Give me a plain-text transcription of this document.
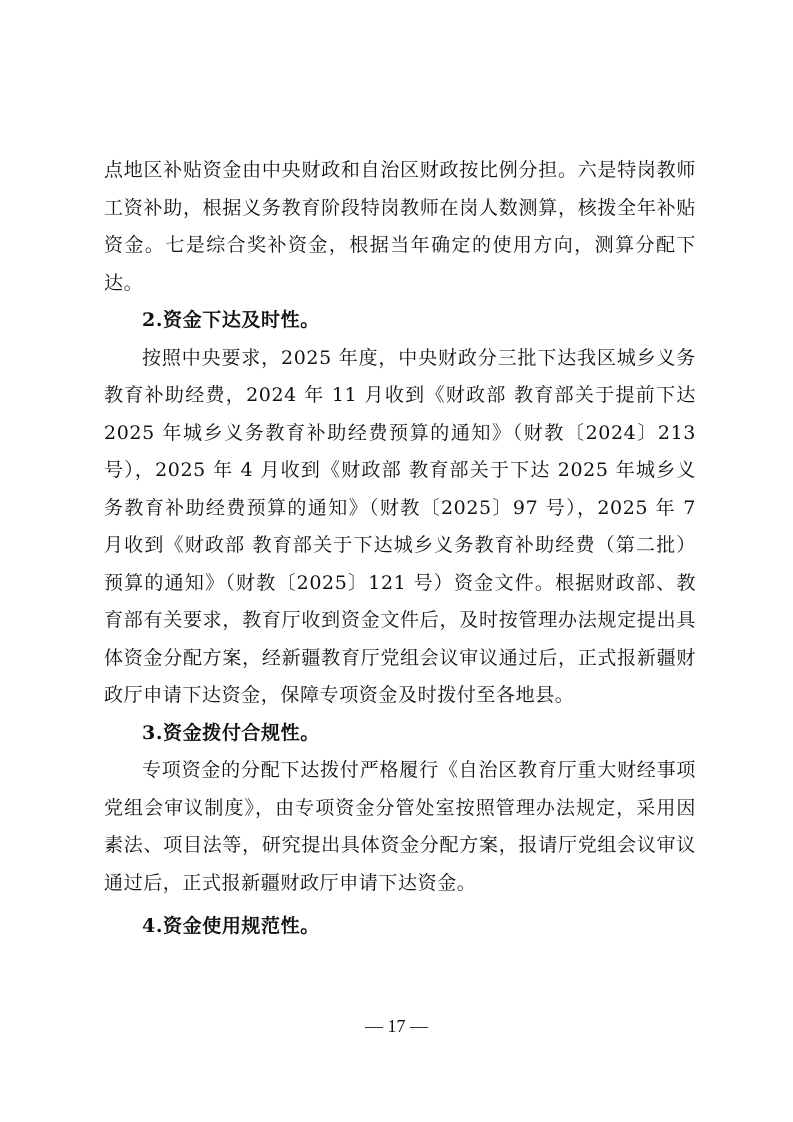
点地区补贴资金由中央财政和自治区财政按比例分担。六是特岗教师工资补助，根据义务教育阶段特岗教师在岗人数测算，核拨全年补贴资金。七是综合奖补资金，根据当年确定的使用方向，测算分配下达。

2.资金下达及时性。

按照中央要求，2025 年度，中央财政分三批下达我区城乡义务教育补助经费，2024 年 11 月收到《财政部 教育部关于提前下达 2025 年城乡义务教育补助经费预算的通知》（财教〔2024〕213 号），2025 年 4 月收到《财政部 教育部关于下达 2025 年城乡义务教育补助经费预算的通知》（财教〔2025〕97 号），2025 年 7 月收到《财政部 教育部关于下达城乡义务教育补助经费（第二批）预算的通知》（财教〔2025〕121 号）资金文件。根据财政部、教育部有关要求，教育厅收到资金文件后，及时按管理办法规定提出具体资金分配方案，经新疆教育厅党组会议审议通过后，正式报新疆财政厅申请下达资金，保障专项资金及时拨付至各地县。

3.资金拨付合规性。

专项资金的分配下达拨付严格履行《自治区教育厅重大财经事项党组会审议制度》，由专项资金分管处室按照管理办法规定，采用因素法、项目法等，研究提出具体资金分配方案，报请厅党组会议审议通过后，正式报新疆财政厅申请下达资金。

4.资金使用规范性。

— 17 —
